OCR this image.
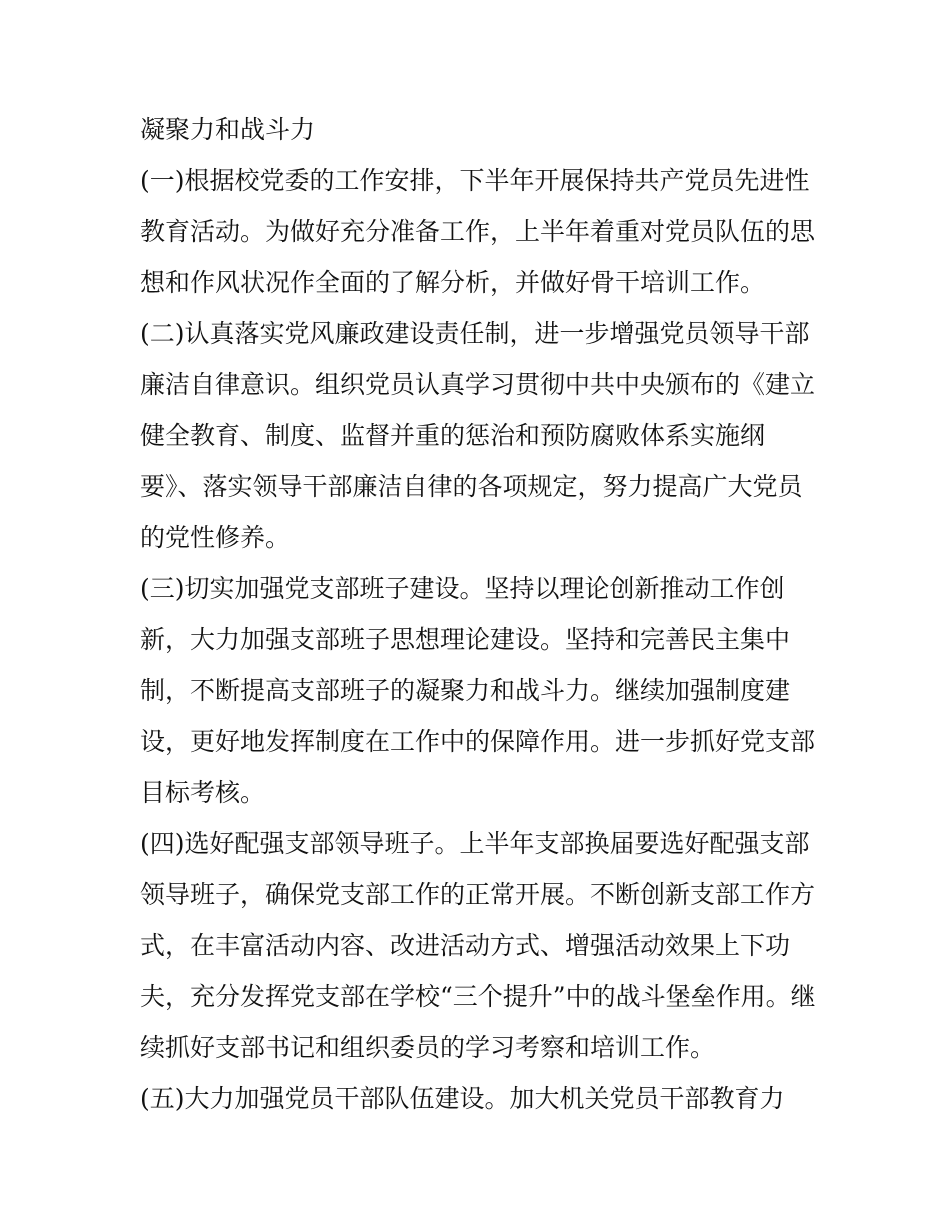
凝聚力和战斗力
(一)根据校党委的工作安排，下半年开展保持共产党员先进性
教育活动。为做好充分准备工作，上半年着重对党员队伍的思
想和作风状况作全面的了解分析，并做好骨干培训工作。
(二)认真落实党风廉政建设责任制，进一步增强党员领导干部
廉洁自律意识。组织党员认真学习贯彻中共中央颁布的《建立
健全教育、制度、监督并重的惩治和预防腐败体系实施纲
要》、落实领导干部廉洁自律的各项规定，努力提高广大党员
的党性修养。
(三)切实加强党支部班子建设。坚持以理论创新推动工作创
新，大力加强支部班子思想理论建设。坚持和完善民主集中
制，不断提高支部班子的凝聚力和战斗力。继续加强制度建
设，更好地发挥制度在工作中的保障作用。进一步抓好党支部
目标考核。
(四)选好配强支部领导班子。上半年支部换届要选好配强支部
领导班子，确保党支部工作的正常开展。不断创新支部工作方
式，在丰富活动内容、改进活动方式、增强活动效果上下功
夫，充分发挥党支部在学校“三个提升”中的战斗堡垒作用。继
续抓好支部书记和组织委员的学习考察和培训工作。
(五)大力加强党员干部队伍建设。加大机关党员干部教育力
